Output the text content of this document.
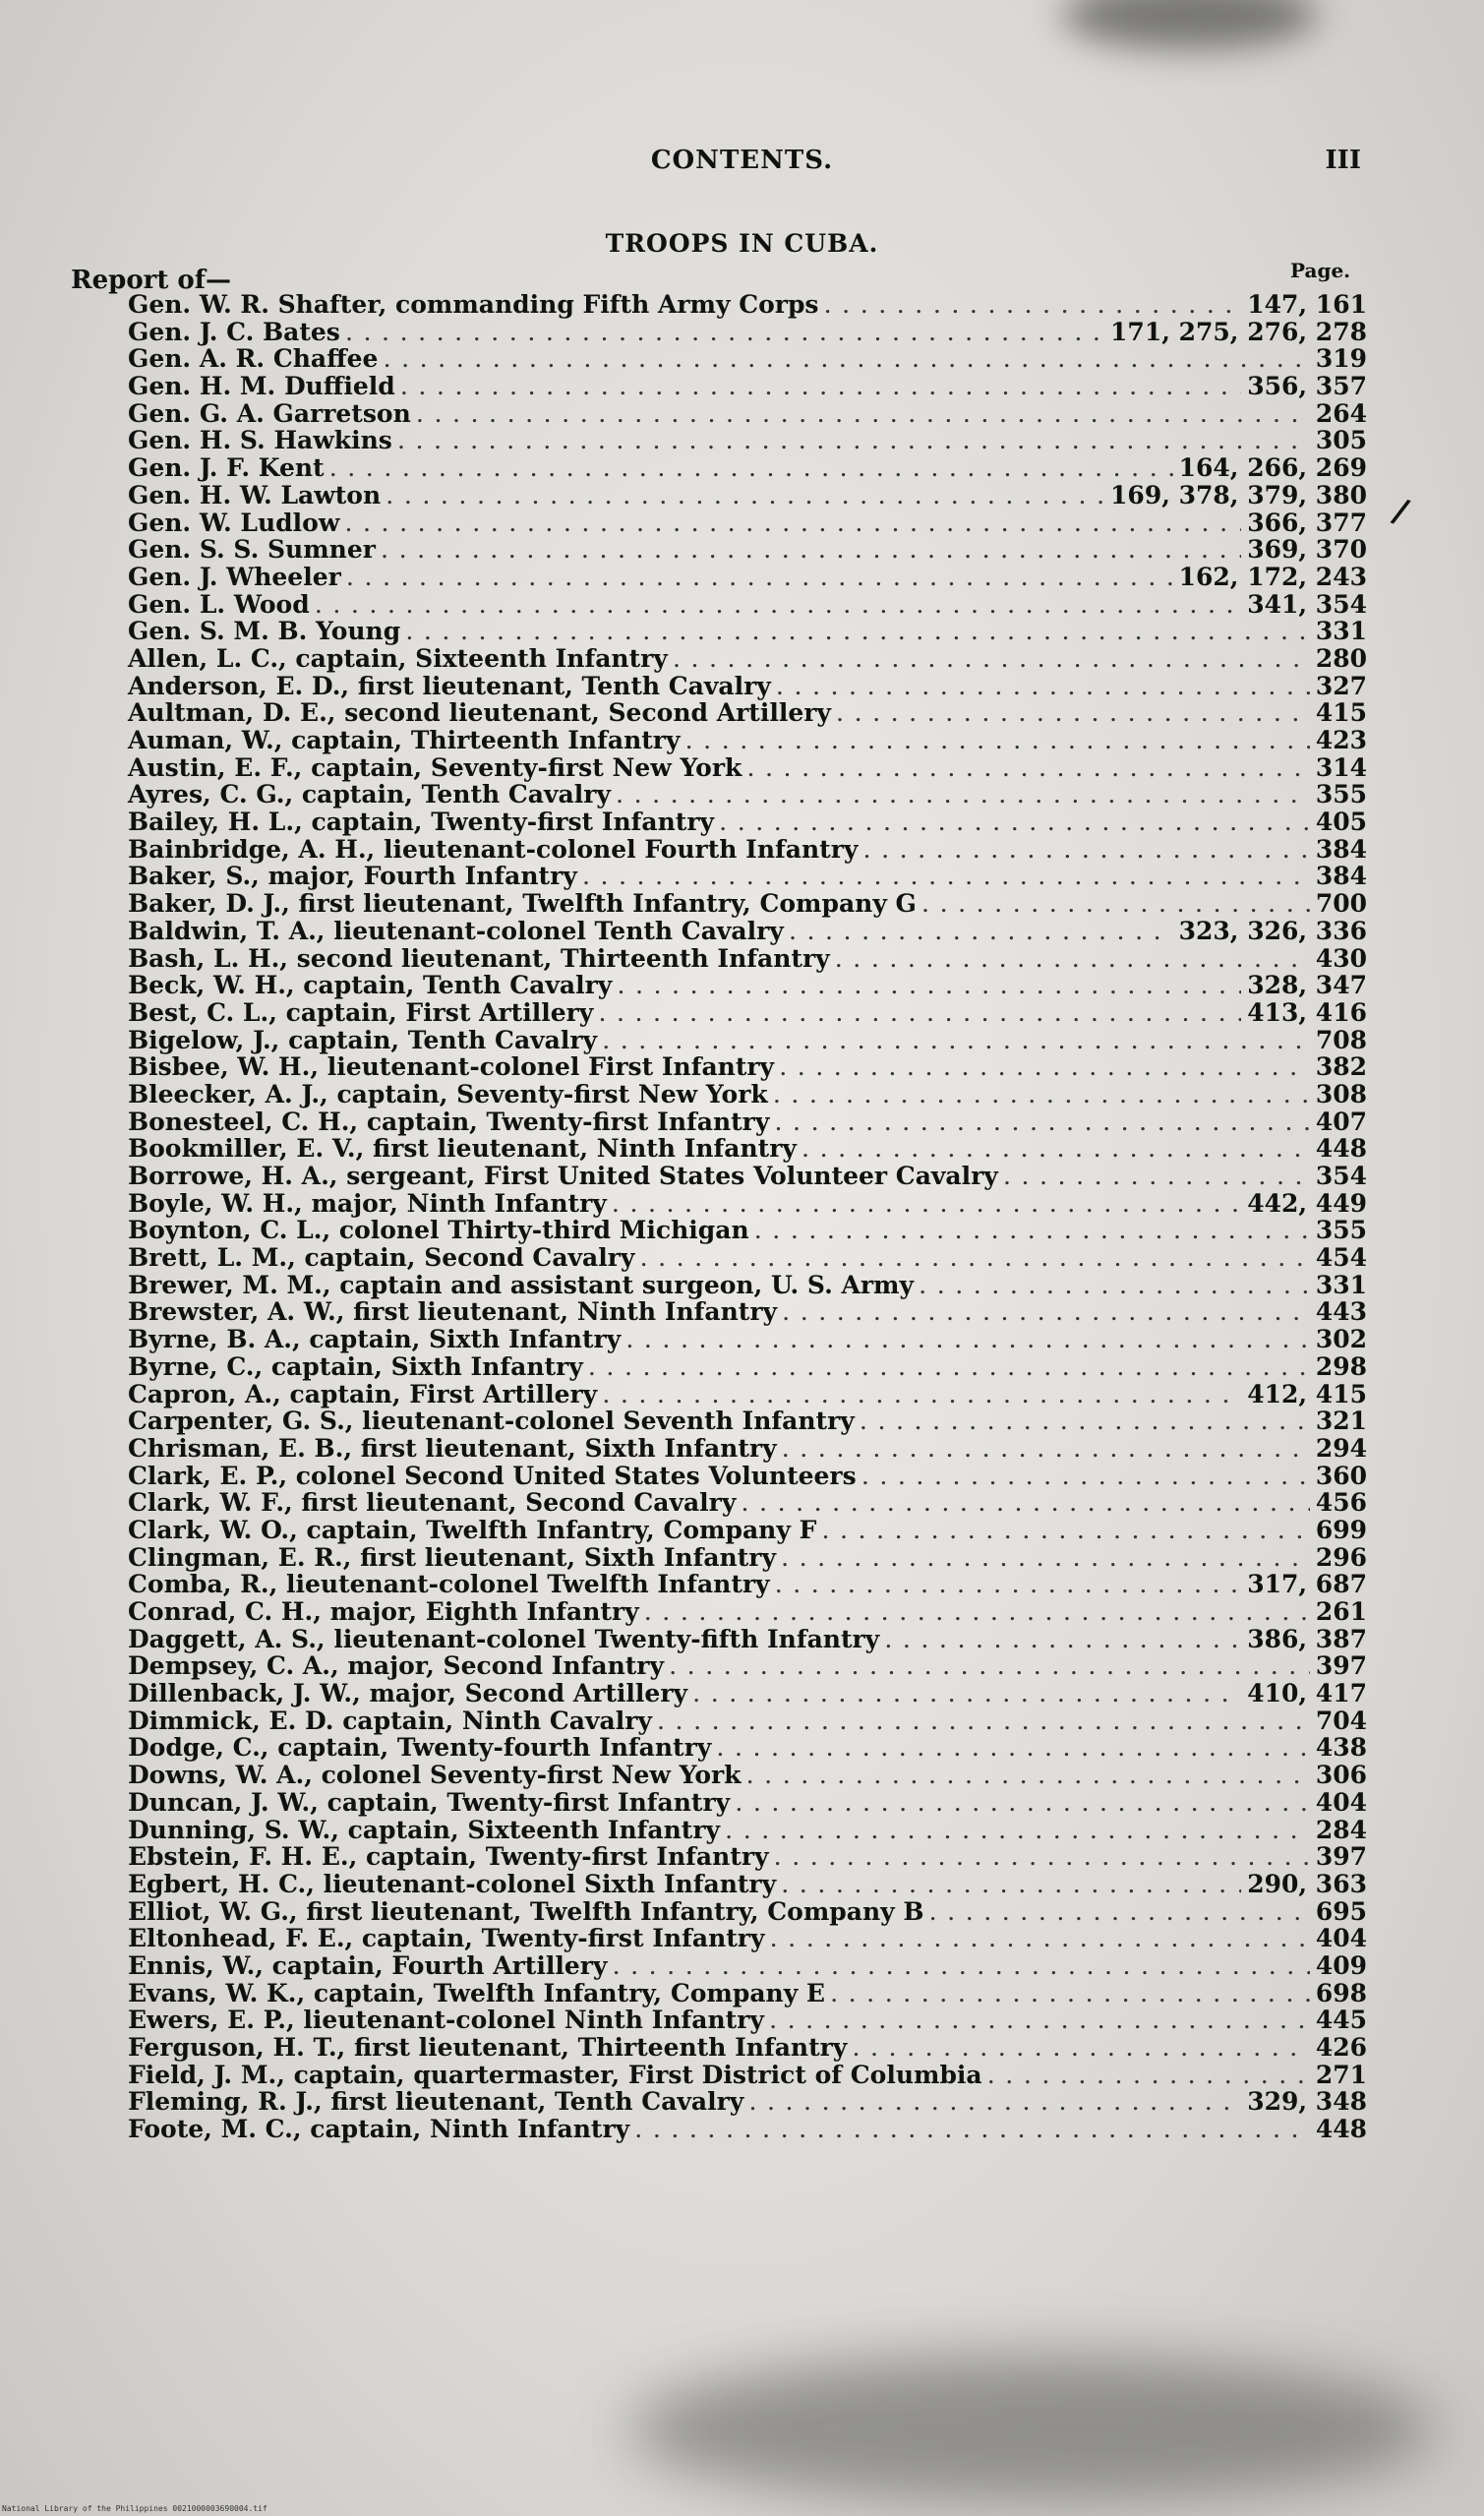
CONTENTS.	III
TROOPS IN CUBA.
Page.
Report of—
Gen. W. R. Shafter, commanding Fifth Army Corps . . .	147, 161
Gen. J. C. Bates . . .	171, 275, 276, 278
Gen. A. R. Chaffee . . .	319
Gen. H. M. Duffield . . .	356, 357
Gen. G. A. Garretson . . .	264
Gen. H. S. Hawkins . . .	305
Gen. J. F. Kent . . .	164, 266, 269
Gen. H. W. Lawton . . .	169, 378, 379, 380
Gen. W. Ludlow . . .	366, 377
Gen. S. S. Sumner . . .	369, 370
Gen. J. Wheeler . . .	162, 172, 243
Gen. L. Wood . . .	341, 354
Gen. S. M. B. Young . . .	331
Allen, L. C., captain, Sixteenth Infantry . . .	280
Anderson, E. D., first lieutenant, Tenth Cavalry . . .	327
Aultman, D. E., second lieutenant, Second Artillery . . .	415
Auman, W., captain, Thirteenth Infantry . . .	423
Austin, E. F., captain, Seventy-first New York . . .	314
Ayres, C. G., captain, Tenth Cavalry . . .	355
Bailey, H. L., captain, Twenty-first Infantry . . .	405
Bainbridge, A. H., lieutenant-colonel Fourth Infantry . . .	384
Baker, S., major, Fourth Infantry . . .	384
Baker, D. J., first lieutenant, Twelfth Infantry, Company G . . .	700
Baldwin, T. A., lieutenant-colonel Tenth Cavalry . . .	323, 326, 336
Bash, L. H., second lieutenant, Thirteenth Infantry . . .	430
Beck, W. H., captain, Tenth Cavalry . . .	328, 347
Best, C. L., captain, First Artillery . . .	413, 416
Bigelow, J., captain, Tenth Cavalry . . .	708
Bisbee, W. H., lieutenant-colonel First Infantry . . .	382
Bleecker, A. J., captain, Seventy-first New York . . .	308
Bonesteel, C. H., captain, Twenty-first Infantry . . .	407
Bookmiller, E. V., first lieutenant, Ninth Infantry . . .	448
Borrowe, H. A., sergeant, First United States Volunteer Cavalry . . .	354
Boyle, W. H., major, Ninth Infantry . . .	442, 449
Boynton, C. L., colonel Thirty-third Michigan . . .	355
Brett, L. M., captain, Second Cavalry . . .	454
Brewer, M. M., captain and assistant surgeon, U. S. Army . . .	331
Brewster, A. W., first lieutenant, Ninth Infantry . . .	443
Byrne, B. A., captain, Sixth Infantry . . .	302
Byrne, C., captain, Sixth Infantry . . .	298
Capron, A., captain, First Artillery . . .	412, 415
Carpenter, G. S., lieutenant-colonel Seventh Infantry . . .	321
Chrisman, E. B., first lieutenant, Sixth Infantry . . .	294
Clark, E. P., colonel Second United States Volunteers . . .	360
Clark, W. F., first lieutenant, Second Cavalry . . .	456
Clark, W. O., captain, Twelfth Infantry, Company F . . .	699
Clingman, E. R., first lieutenant, Sixth Infantry . . .	296
Comba, R., lieutenant-colonel Twelfth Infantry . . .	317, 687
Conrad, C. H., major, Eighth Infantry . . .	261
Daggett, A. S., lieutenant-colonel Twenty-fifth Infantry . . .	386, 387
Dempsey, C. A., major, Second Infantry . . .	397
Dillenback, J. W., major, Second Artillery . . .	410, 417
Dimmick, E. D. captain, Ninth Cavalry . . .	704
Dodge, C., captain, Twenty-fourth Infantry . . .	438
Downs, W. A., colonel Seventy-first New York . . .	306
Duncan, J. W., captain, Twenty-first Infantry . . .	404
Dunning, S. W., captain, Sixteenth Infantry . . .	284
Ebstein, F. H. E., captain, Twenty-first Infantry . . .	397
Egbert, H. C., lieutenant-colonel Sixth Infantry . . .	290, 363
Elliot, W. G., first lieutenant, Twelfth Infantry, Company B . . .	695
Eltonhead, F. E., captain, Twenty-first Infantry . . .	404
Ennis, W., captain, Fourth Artillery . . .	409
Evans, W. K., captain, Twelfth Infantry, Company E . . .	698
Ewers, E. P., lieutenant-colonel Ninth Infantry . . .	445
Ferguson, H. T., first lieutenant, Thirteenth Infantry . . .	426
Field, J. M., captain, quartermaster, First District of Columbia . . .	271
Fleming, R. J., first lieutenant, Tenth Cavalry . . .	329, 348
Foote, M. C., captain, Ninth Infantry . . .	448
/
National Library of the Philippines 0021000003690004.tif
